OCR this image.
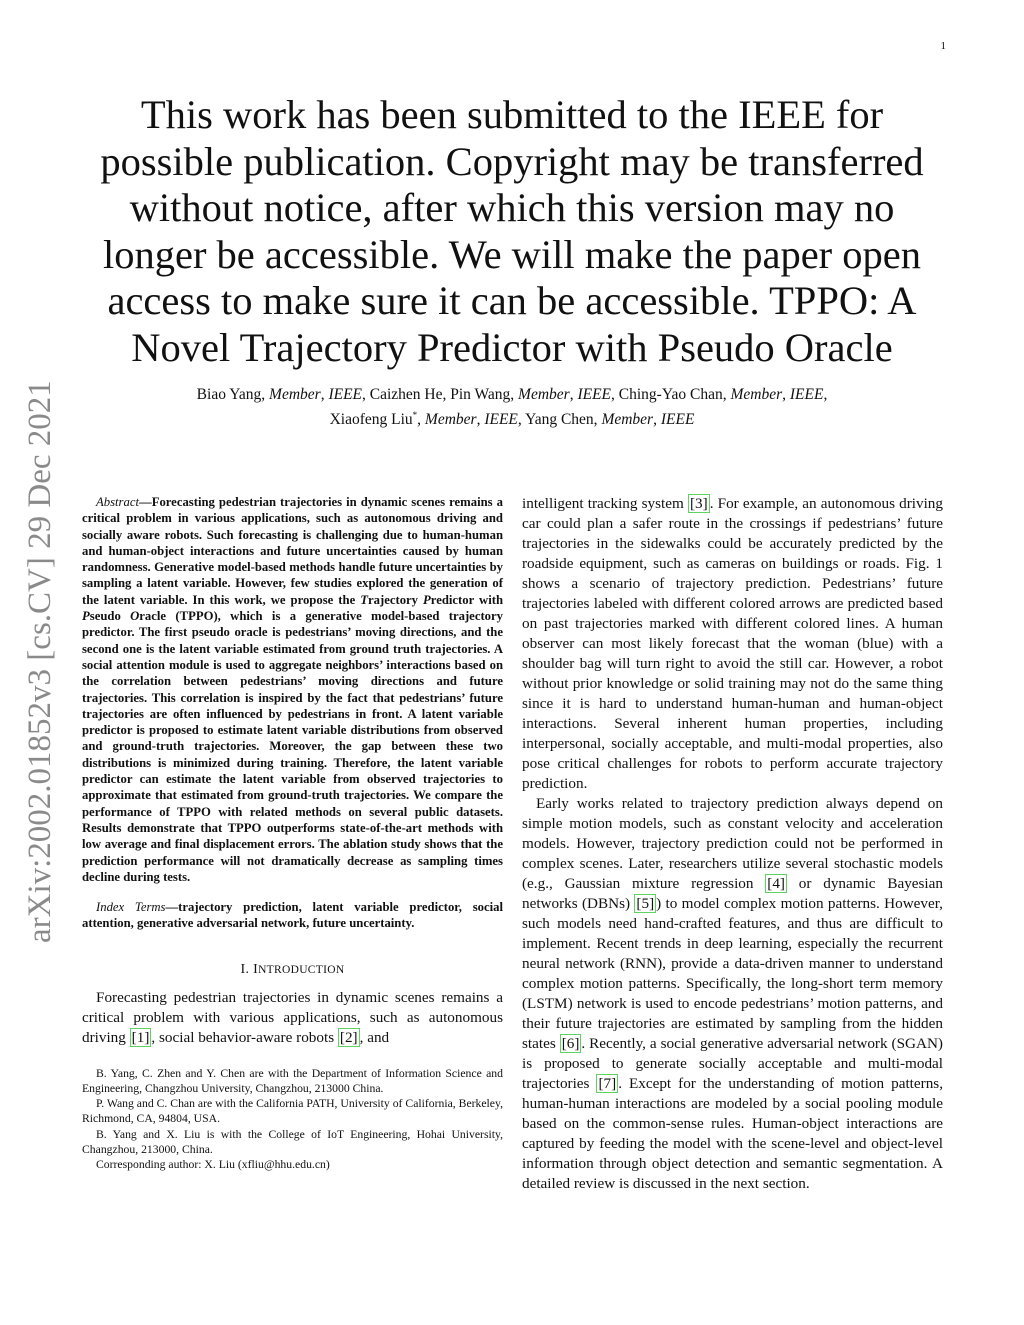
1
arXiv:2002.01852v3 [cs.CV] 29 Dec 2021
This work has been submitted to the IEEE for possible publication. Copyright may be transferred without notice, after which this version may no longer be accessible. We will make the paper open access to make sure it can be accessible. TPPO: A Novel Trajectory Predictor with Pseudo Oracle
Biao Yang, Member, IEEE, Caizhen He, Pin Wang, Member, IEEE, Ching-Yao Chan, Member, IEEE,
Xiaofeng Liu*, Member, IEEE, Yang Chen, Member, IEEE

Abstract—Forecasting pedestrian trajectories in dynamic scenes remains a critical problem in various applications, such as autonomous driving and socially aware robots. Such forecasting is challenging due to human-human and human-object interactions and future uncertainties caused by human randomness. Generative model-based methods handle future uncertainties by sampling a latent variable. However, few studies explored the generation of the latent variable. In this work, we propose the Trajectory Predictor with Pseudo Oracle (TPPO), which is a generative model-based trajectory predictor. The first pseudo oracle is pedestrians’ moving directions, and the second one is the latent variable estimated from ground truth trajectories. A social attention module is used to aggregate neighbors’ interactions based on the correlation between pedestrians’ moving directions and future trajectories. This correlation is inspired by the fact that pedestrians’ future trajectories are often influenced by pedestrians in front. A latent variable predictor is proposed to estimate latent variable distributions from observed and ground-truth trajectories. Moreover, the gap between these two distributions is minimized during training. Therefore, the latent variable predictor can estimate the latent variable from observed trajectories to approximate that estimated from ground-truth trajectories. We compare the performance of TPPO with related methods on several public datasets. Results demonstrate that TPPO outperforms state-of-the-art methods with low average and final displacement errors. The ablation study shows that the prediction performance will not dramatically decrease as sampling times decline during tests.

Index Terms—trajectory prediction, latent variable predictor, social attention, generative adversarial network, future uncertainty.

I. INTRODUCTION

Forecasting pedestrian trajectories in dynamic scenes remains a critical problem with various applications, such as autonomous driving [1] , social behavior-aware robots [2] , and

B. Yang, C. Zhen and Y. Chen are with the Department of Information Science and Engineering, Changzhou University, Changzhou, 213000 China.

P. Wang and C. Chan are with the California PATH, University of California, Berkeley, Richmond, CA, 94804, USA.

B. Yang and X. Liu is with the College of IoT Engineering, Hohai University, Changzhou, 213000, China.

Corresponding author: X. Liu (xfliu@hhu.edu.cn)

intelligent tracking system [3] . For example, an autonomous driving car could plan a safer route in the crossings if pedestrians’ future trajectories in the sidewalks could be accurately predicted by the roadside equipment, such as cameras on buildings or roads. Fig. 1 shows a scenario of trajectory prediction. Pedestrians’ future trajectories labeled with different colored arrows are predicted based on past trajectories marked with different colored lines. A human observer can most likely forecast that the woman (blue) with a shoulder bag will turn right to avoid the still car. However, a robot without prior knowledge or solid training may not do the same thing since it is hard to understand human-human and human-object interactions. Several inherent human properties, including interpersonal, socially acceptable, and multi-modal properties, also pose critical challenges for robots to perform accurate trajectory prediction.

Early works related to trajectory prediction always depend on simple motion models, such as constant velocity and acceleration models. However, trajectory prediction could not be performed in complex scenes. Later, researchers utilize several stochastic models (e.g., Gaussian mixture regression [4] or dynamic Bayesian networks (DBNs) [5] ) to model complex motion patterns. However, such models need hand-crafted features, and thus are difficult to implement. Recent trends in deep learning, especially the recurrent neural network (RNN), provide a data-driven manner to understand complex motion patterns. Specifically, the long-short term memory (LSTM) network is used to encode pedestrians’ motion patterns, and their future trajectories are estimated by sampling from the hidden states [6] . Recently, a social generative adversarial network (SGAN) is proposed to generate socially acceptable and multi-modal trajectories [7] . Except for the understanding of motion patterns, human-human interactions are modeled by a social pooling module based on the common-sense rules. Human-object interactions are captured by feeding the model with the scene-level and object-level information through object detection and semantic segmentation. A detailed review is discussed in the next section.
